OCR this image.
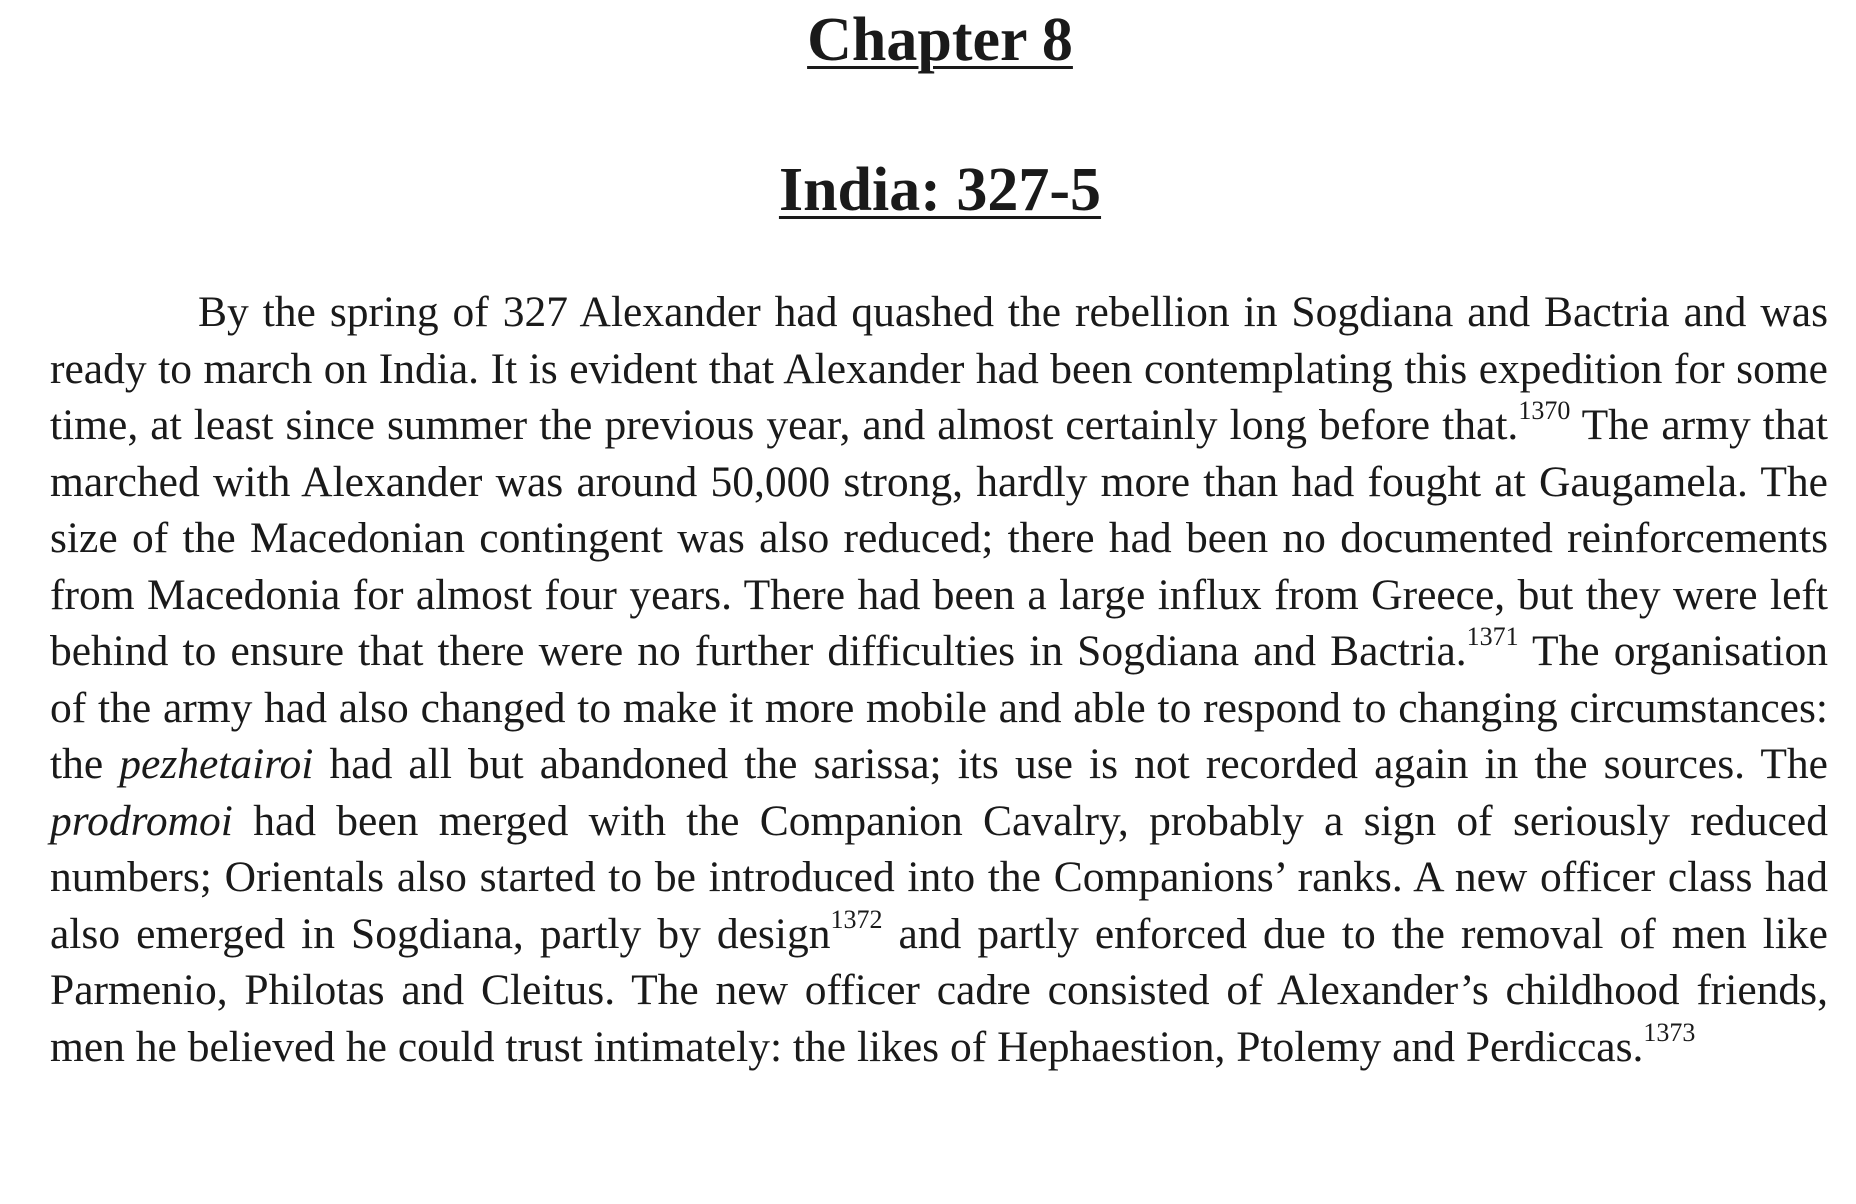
Chapter 8
India: 327-5

By the spring of 327 Alexander had quashed the rebellion in Sogdiana and Bactria and was ready to march on India. It is evident that Alexander had been contemplating this expedition for some time, at least since summer the previous year, and almost certainly long before that.$^{1370}$ The army that marched with Alexander was around 50,000 strong, hardly more than had fought at Gaugamela. The size of the Macedonian contingent was also reduced; there had been no documented reinforcements from Macedonia for almost four years. There had been a large influx from Greece, but they were left behind to ensure that there were no further difficulties in Sogdiana and Bactria.$^{1371}$ The organisation of the army had also changed to make it more mobile and able to respond to changing circumstances: the pezhetairoi had all but abandoned the sarissa; its use is not recorded again in the sources. The prodromoi had been merged with the Companion Cavalry, probably a sign of seriously reduced numbers; Orientals also started to be introduced into the Companions’ ranks. A new officer class had also emerged in Sogdiana, partly by design$^{1372}$ and partly enforced due to the removal of men like Parmenio, Philotas and Cleitus. The new officer cadre consisted of Alexander’s childhood friends, men he believed he could trust intimately: the likes of Hephaestion, Ptolemy and Perdiccas.$^{1373}$
